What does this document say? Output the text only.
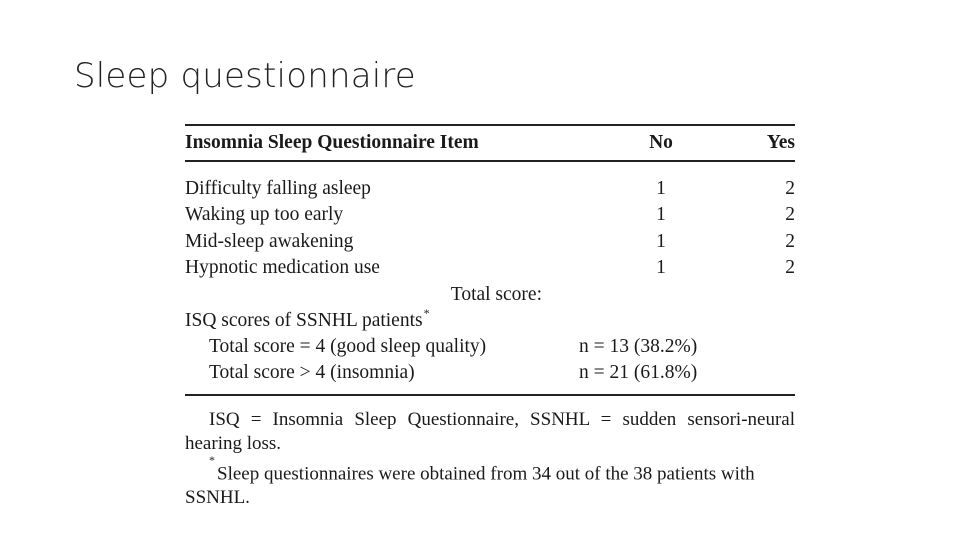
Sleep questionnaire
Insomnia Sleep Questionnaire Item	No	Yes
Difficulty falling asleep	1	2
Waking up too early	1	2
Mid-sleep awakening	1	2
Hypnotic medication use	1	2
Total score:
ISQ scores of SSNHL patients*
Total score = 4 (good sleep quality)	n = 13 (38.2%)
Total score > 4 (insomnia)	n = 21 (61.8%)
ISQ = Insomnia Sleep Questionnaire, SSNHL = sudden sensori-neural hearing loss.
*Sleep questionnaires were obtained from 34 out of the 38 patients with SSNHL.
